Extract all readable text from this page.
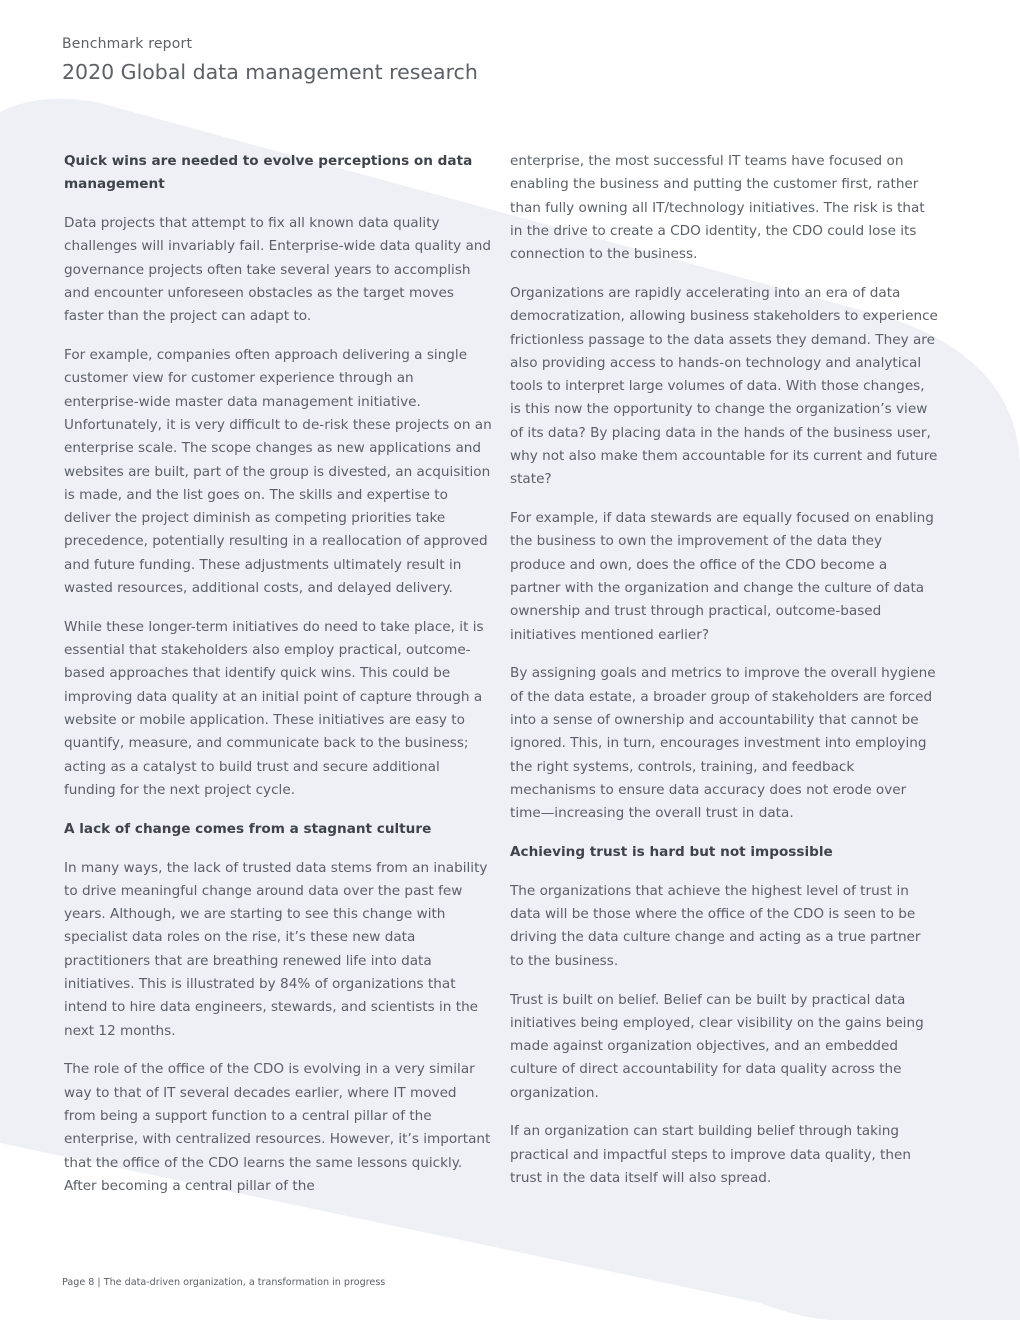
Benchmark report

2020 Global data management research
Quick wins are needed to evolve perceptions on data management

Data projects that attempt to fix all known data quality challenges will invariably fail. Enterprise-wide data quality and governance projects often take several years to accomplish and encounter unforeseen obstacles as the target moves faster than the project can adapt to.

For example, companies often approach delivering a single customer view for customer experience through an enterprise-wide master data management initiative. Unfortunately, it is very difficult to de-risk these projects on an enterprise scale. The scope changes as new applications and websites are built, part of the group is divested, an acquisition is made, and the list goes on. The skills and expertise to deliver the project diminish as competing priorities take precedence, potentially resulting in a reallocation of approved and future funding. These adjustments ultimately result in wasted resources, additional costs, and delayed delivery.

While these longer-term initiatives do need to take place, it is essential that stakeholders also employ practical, outcome-based approaches that identify quick wins. This could be improving data quality at an initial point of capture through a website or mobile application. These initiatives are easy to quantify, measure, and communicate back to the business; acting as a catalyst to build trust and secure additional funding for the next project cycle.

A lack of change comes from a stagnant culture

In many ways, the lack of trusted data stems from an inability to drive meaningful change around data over the past few years. Although, we are starting to see this change with specialist data roles on the rise, it’s these new data practitioners that are breathing renewed life into data initiatives. This is illustrated by 84% of organizations that intend to hire data engineers, stewards, and scientists in the next 12 months.

The role of the office of the CDO is evolving in a very similar way to that of IT several decades earlier, where IT moved from being a support function to a central pillar of the enterprise, with centralized resources. However, it’s important that the office of the CDO learns the same lessons quickly. After becoming a central pillar of the

enterprise, the most successful IT teams have focused on enabling the business and putting the customer first, rather than fully owning all IT/technology initiatives. The risk is that in the drive to create a CDO identity, the CDO could lose its connection to the business.

Organizations are rapidly accelerating into an era of data democratization, allowing business stakeholders to experience frictionless passage to the data assets they demand. They are also providing access to hands-on technology and analytical tools to interpret large volumes of data. With those changes, is this now the opportunity to change the organization’s view of its data? By placing data in the hands of the business user, why not also make them accountable for its current and future state?

For example, if data stewards are equally focused on enabling the business to own the improvement of the data they produce and own, does the office of the CDO become a partner with the organization and change the culture of data ownership and trust through practical, outcome-based initiatives mentioned earlier?

By assigning goals and metrics to improve the overall hygiene of the data estate, a broader group of stakeholders are forced into a sense of ownership and accountability that cannot be ignored. This, in turn, encourages investment into employing the right systems, controls, training, and feedback mechanisms to ensure data accuracy does not erode over time—increasing the overall trust in data.

Achieving trust is hard but not impossible

The organizations that achieve the highest level of trust in data will be those where the office of the CDO is seen to be driving the data culture change and acting as a true partner to the business.

Trust is built on belief. Belief can be built by practical data initiatives being employed, clear visibility on the gains being made against organization objectives, and an embedded culture of direct accountability for data quality across the organization.

If an organization can start building belief through taking practical and impactful steps to improve data quality, then trust in the data itself will also spread.

Page 8 | The data-driven organization, a transformation in progress
